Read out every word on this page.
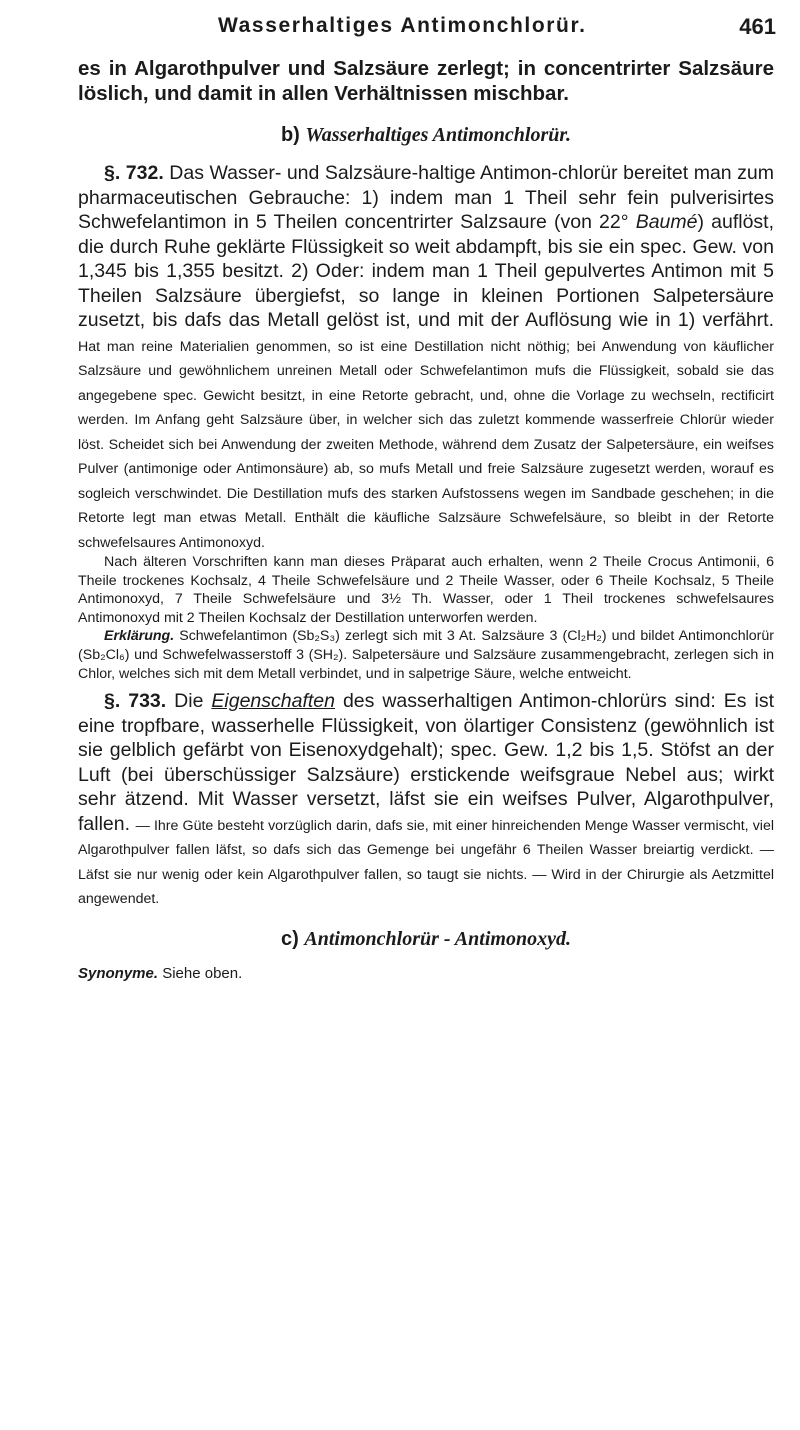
Wasserhaltiges Antimonchlorür.	461

es in Algarothpulver und Salzsäure zerlegt; in concentrirter Salzsäure löslich, und damit in allen Verhältnissen mischbar.

b) Wasserhaltiges Antimonchlorür.

§. 732. Das Wasser- und Salzsäure-haltige Antimon-chlorür bereitet man zum pharmaceutischen Gebrauche: 1) indem man 1 Theil sehr fein pulverisirtes Schwefelantimon in 5 Theilen concentrirter Salzsaure (von 22° Baumé) auflöst, die durch Ruhe geklärte Flüssigkeit so weit abdampft, bis sie ein spec. Gew. von 1,345 bis 1,355 besitzt. 2) Oder: indem man 1 Theil gepulvertes Antimon mit 5 Theilen Salzsäure übergiefst, so lange in kleinen Portionen Salpetersäure zusetzt, bis dafs das Metall gelöst ist, und mit der Auflösung wie in 1) verfährt. Hat man reine Materialien genommen, so ist eine Destillation nicht nöthig; bei Anwendung von käuflicher Salzsäure und gewöhnlichem unreinen Metall oder Schwefelantimon mufs die Flüssigkeit, sobald sie das angegebene spec. Gewicht besitzt, in eine Retorte gebracht, und, ohne die Vorlage zu wechseln, rectificirt werden. Im Anfang geht Salzsäure über, in welcher sich das zuletzt kommende wasserfreie Chlorür wieder löst. Scheidet sich bei Anwendung der zweiten Methode, während dem Zusatz der Salpetersäure, ein weifses Pulver (antimonige oder Antimonsäure) ab, so mufs Metall und freie Salzsäure zugesetzt werden, worauf es sogleich verschwindet. Die Destillation mufs des starken Aufstossens wegen im Sandbade geschehen; in die Retorte legt man etwas Metall. Enthält die käufliche Salzsäure Schwefelsäure, so bleibt in der Retorte schwefelsaures Antimonoxyd.

Nach älteren Vorschriften kann man dieses Präparat auch erhalten, wenn 2 Theile Crocus Antimonii, 6 Theile trockenes Kochsalz, 4 Theile Schwefelsäure und 2 Theile Wasser, oder 6 Theile Kochsalz, 5 Theile Antimonoxyd, 7 Theile Schwefelsäure und 3½ Th. Wasser, oder 1 Theil trockenes schwefelsaures Antimonoxyd mit 2 Theilen Kochsalz der Destillation unterworfen werden.

Erklärung. Schwefelantimon (Sb₂S₃) zerlegt sich mit 3 At. Salzsäure 3 (Cl₂H₂) und bildet Antimonchlorür (Sb₂Cl₆) und Schwefelwasserstoff 3 (SH₂). Salpetersäure und Salzsäure zusammengebracht, zerlegen sich in Chlor, welches sich mit dem Metall verbindet, und in salpetrige Säure, welche entweicht.

§. 733. Die Eigenschaften des wasserhaltigen Antimon-chlorürs sind: Es ist eine tropfbare, wasserhelle Flüssigkeit, von ölartiger Consistenz (gewöhnlich ist sie gelblich gefärbt von Eisenoxydgehalt); spec. Gew. 1,2 bis 1,5. Stöfst an der Luft (bei überschüssiger Salzsäure) erstickende weifsgraue Nebel aus; wirkt sehr ätzend. Mit Wasser versetzt, läfst sie ein weifses Pulver, Algarothpulver, fallen. — Ihre Güte besteht vorzüglich darin, dafs sie, mit einer hinreichenden Menge Wasser vermischt, viel Algarothpulver fallen läfst, so dafs sich das Gemenge bei ungefähr 6 Theilen Wasser breiartig verdickt. — Läfst sie nur wenig oder kein Algarothpulver fallen, so taugt sie nichts. — Wird in der Chirurgie als Aetzmittel angewendet.

c) Antimonchlorür - Antimonoxyd.
Synonyme. Siehe oben.
